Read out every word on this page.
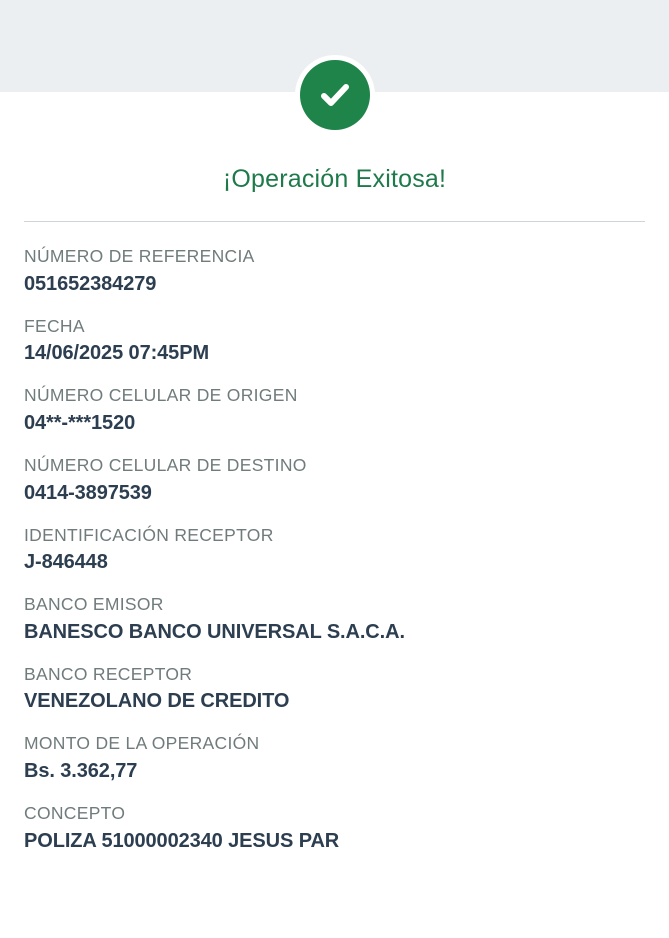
¡Operación Exitosa!
NÚMERO DE REFERENCIA
051652384279
FECHA
14/06/2025 07:45PM
NÚMERO CELULAR DE ORIGEN
04**-***1520
NÚMERO CELULAR DE DESTINO
0414-3897539
IDENTIFICACIÓN RECEPTOR
J-846448
BANCO EMISOR
BANESCO BANCO UNIVERSAL S.A.C.A.
BANCO RECEPTOR
VENEZOLANO DE CREDITO
MONTO DE LA OPERACIÓN
Bs. 3.362,77
CONCEPTO
POLIZA 51000002340 JESUS PAR
